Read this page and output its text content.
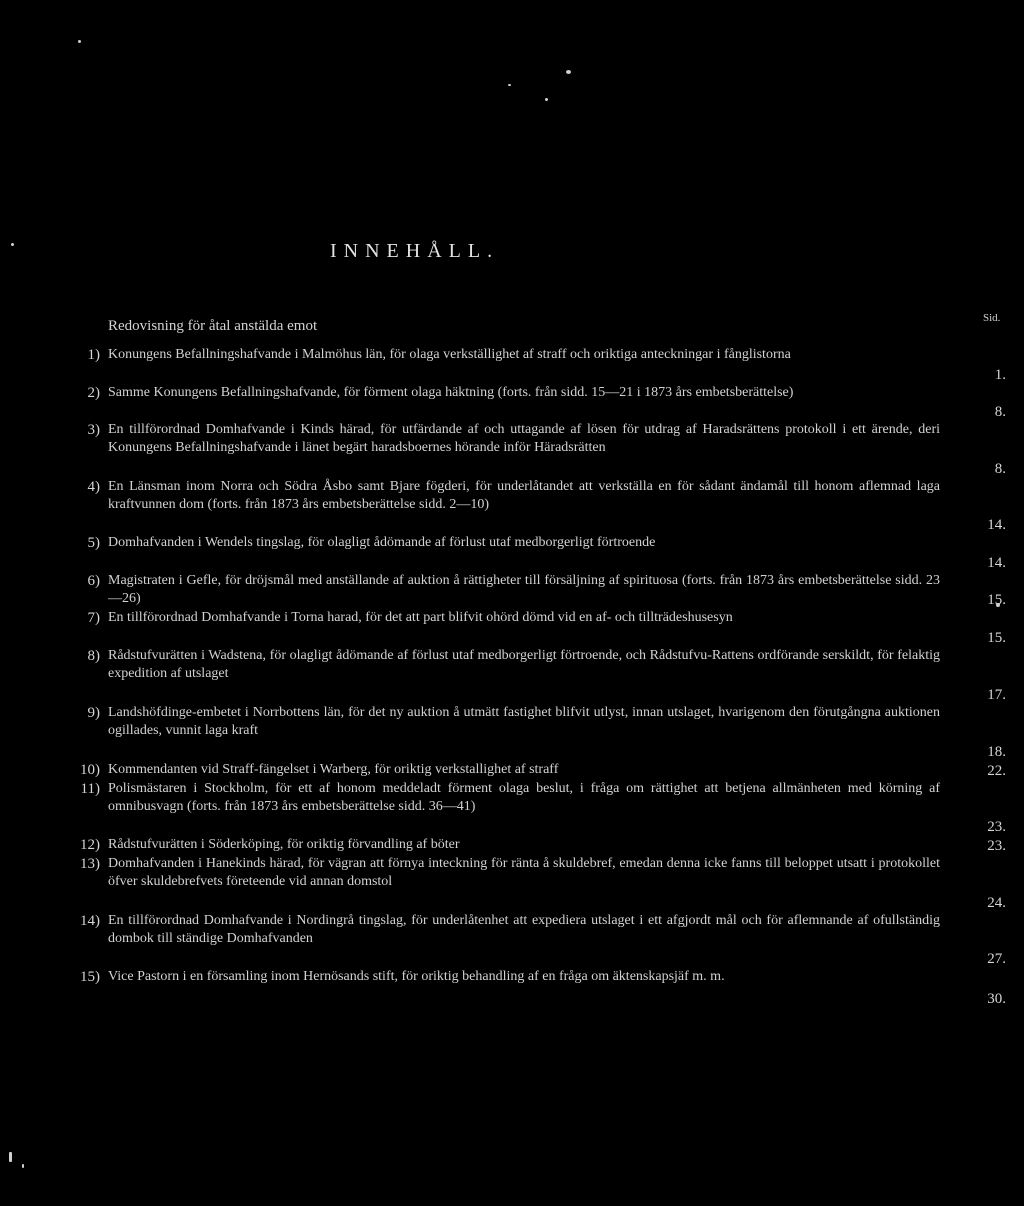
INNEHÅLL.
Redovisning för åtal anstälda emot	Sid.
1) Konungens Befallningshafvande i Malmöhus län, för olaga verkställighet af straff och oriktiga anteckningar i fånglistorna
1.
2) Samme Konungens Befallningshafvande, för förment olaga häktning (forts. från sidd. 15—21 i 1873 års embetsberättelse)
8.
3) En tillförordnad Domhafvande i Kinds härad, för utfärdande af och uttagande af lösen för utdrag af Haradsrättens protokoll i ett ärende, deri Konungens Befallningshafvande i länet begärt haradsboernes hörande inför Häradsrätten
8.
4) En Länsman inom Norra och Södra Åsbo samt Bjare fögderi, för underlåtandet att verkställa en för sådant ändamål till honom aflemnad laga kraftvunnen dom (forts. från 1873 års embetsberättelse sidd. 2—10)
14.
5) Domhafvanden i Wendels tingslag, för olagligt ådömande af förlust utaf medborgerligt förtroende
14.
6) Magistraten i Gefle, för dröjsmål med anställande af auktion å rättigheter till försäljning af spirituosa (forts. från 1873 års embetsberättelse sidd. 23—26)	15.
7) En tillförordnad Domhafvande i Torna harad, för det att part blifvit ohörd dömd vid en af- och tillträdeshusesyn
15.
8) Rådstufvurätten i Wadstena, för olagligt ådömande af förlust utaf medborgerligt förtroende, och Rådstufvu-Rattens ordförande serskildt, för felaktig expedition af utslaget
17.
9) Landshöfdinge-embetet i Norrbottens län, för det ny auktion å utmätt fastighet blifvit utlyst, innan utslaget, hvarigenom den förutgångna auktionen ogillades, vunnit laga kraft
18.
10) Kommendanten vid Straff-fängelset i Warberg, för oriktig verkstallighet af straff	22.
11) Polismästaren i Stockholm, för ett af honom meddeladt förment olaga beslut, i fråga om rättighet att betjena allmänheten med körning af omnibusvagn (forts. från 1873 års embetsberättelse sidd. 36—41)
23.
12) Rådstufvurätten i Söderköping, för oriktig förvandling af böter	23.
13) Domhafvanden i Hanekinds härad, för vägran att förnya inteckning för ränta å skuldebref, emedan denna icke fanns till beloppet utsatt i protokollet öfver skuldebrefvets företeende vid annan domstol
24.
14) En tillförordnad Domhafvande i Nordingrå tingslag, för underlåtenhet att expediera utslaget i ett afgjordt mål och för aflemnande af ofullständig dombok till ständige Domhafvanden
27.
15) Vice Pastorn i en församling inom Hernösands stift, för oriktig behandling af en fråga om äktenskapsjäf m. m.
30.
